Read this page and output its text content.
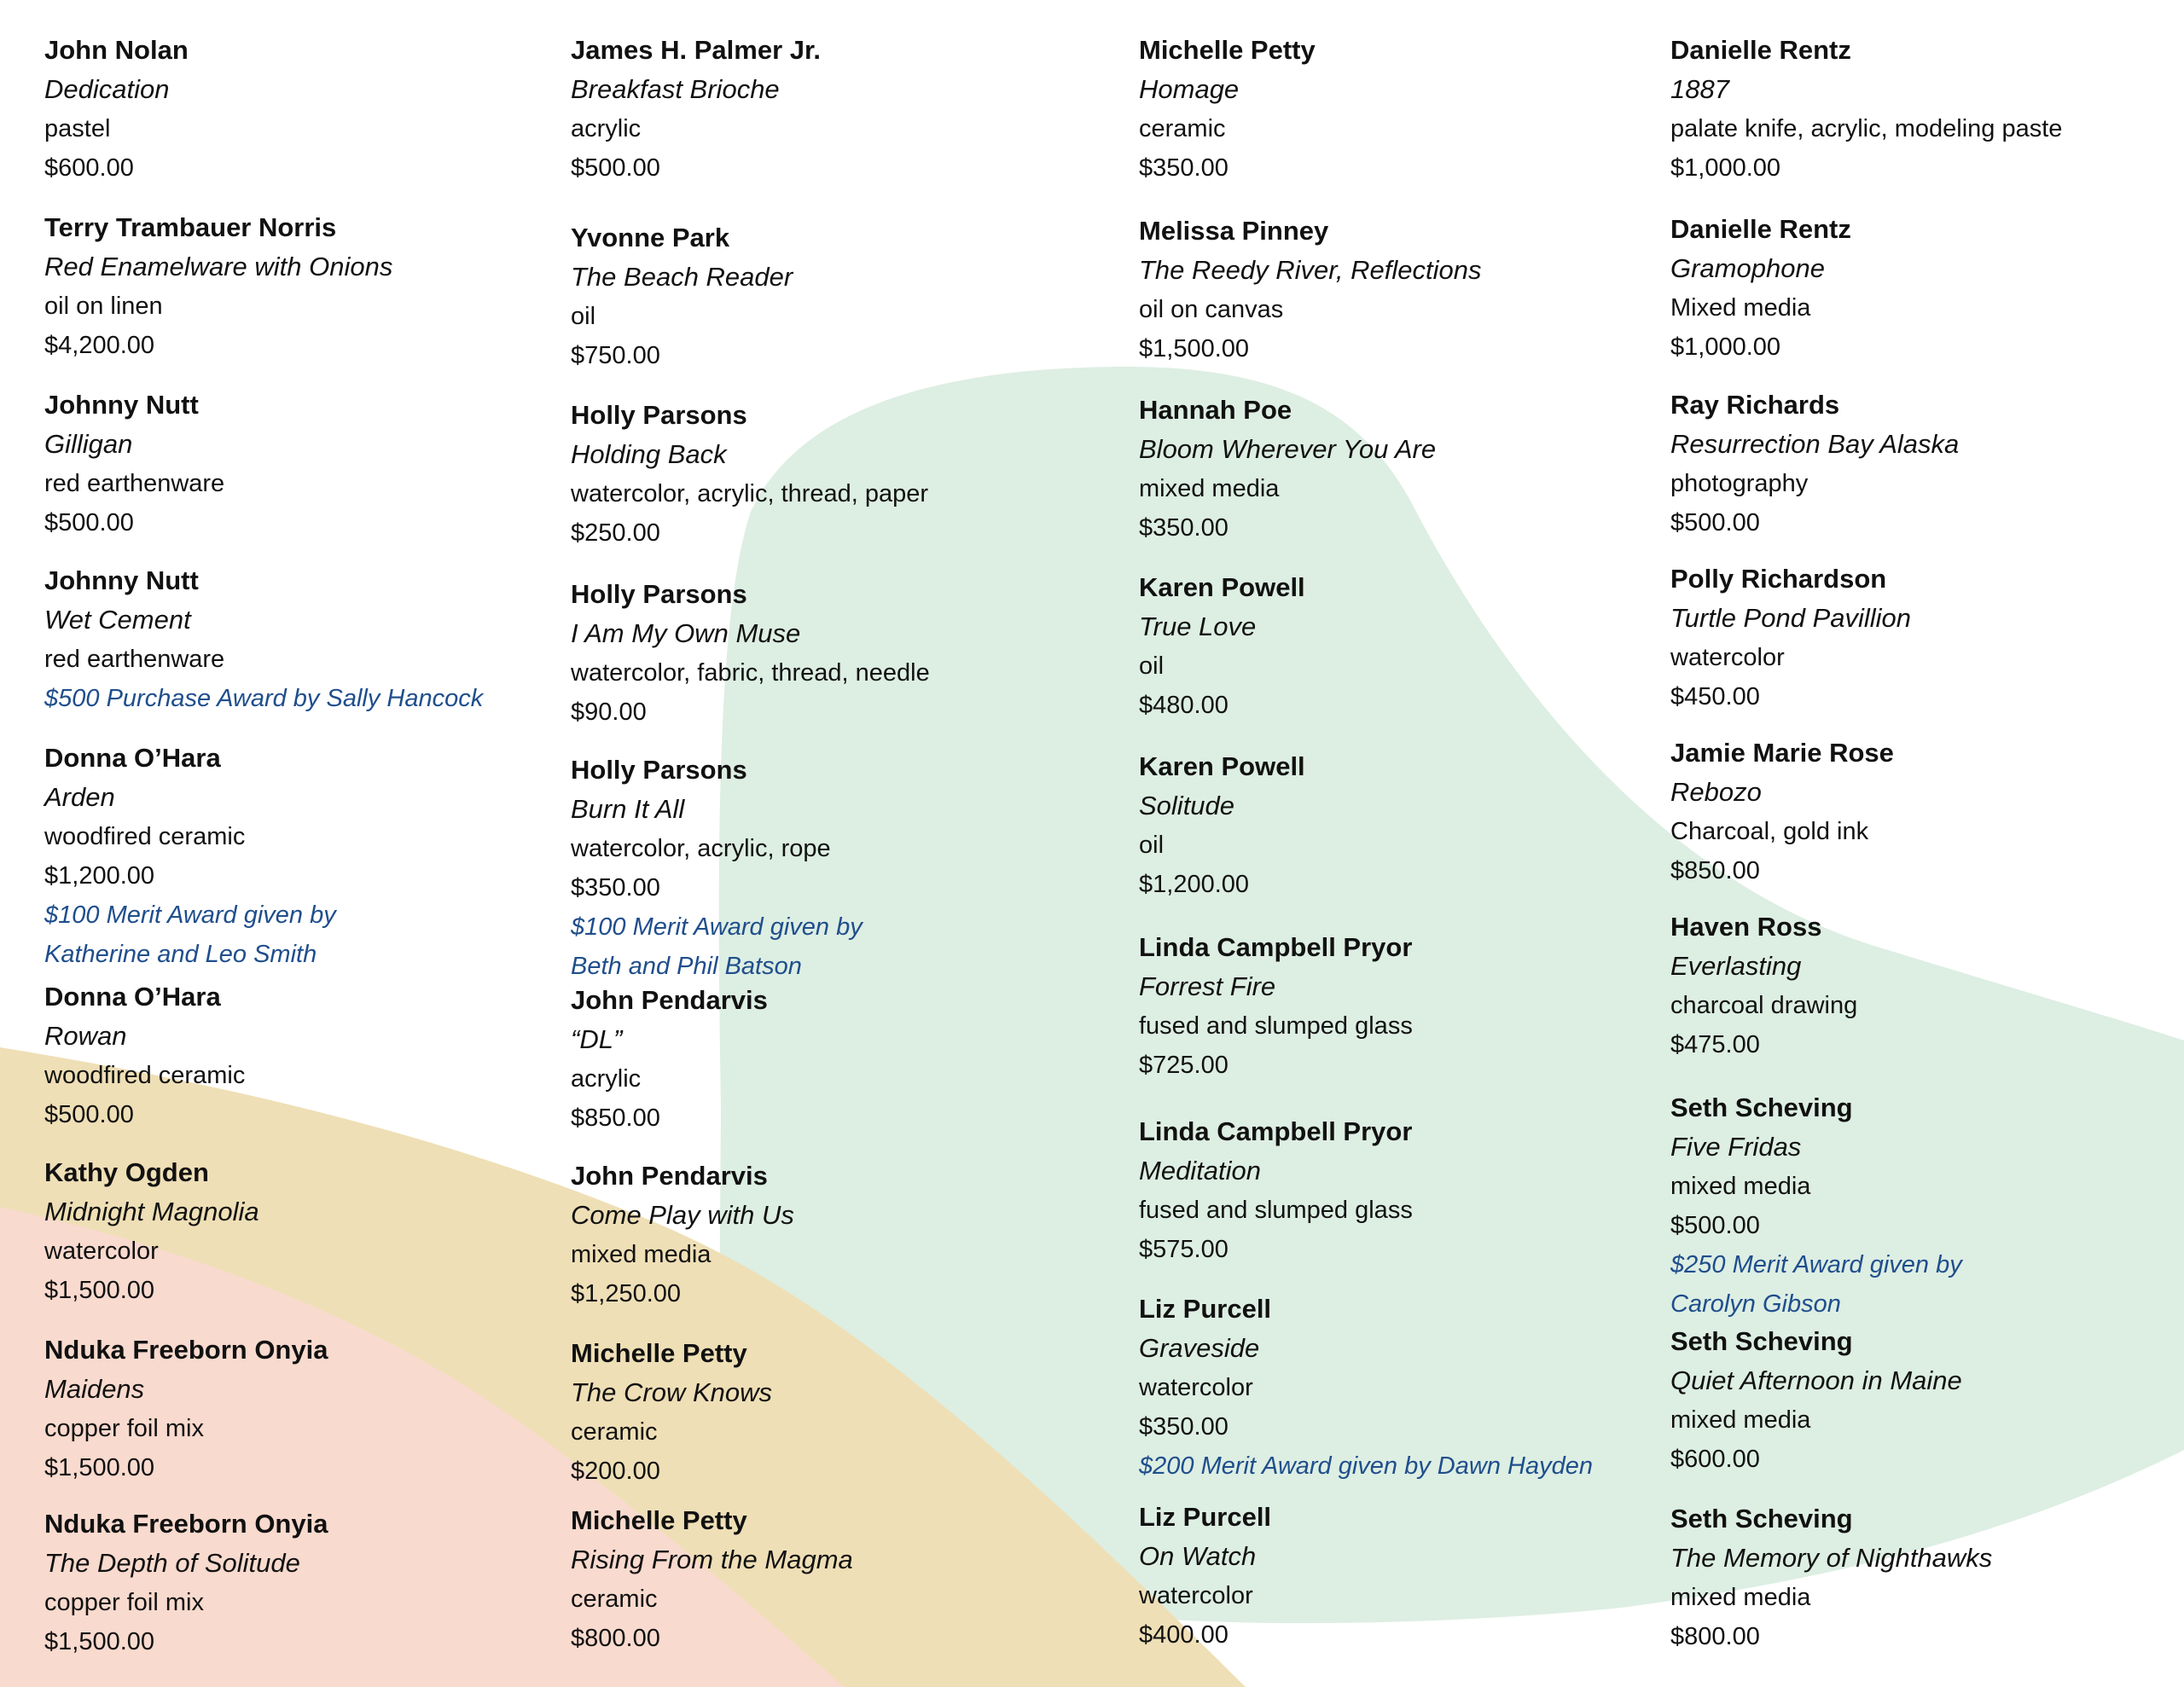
John Nolan
Dedication
pastel
$600.00
Terry Trambauer Norris
Red Enamelware with Onions
oil on linen
$4,200.00
Johnny Nutt
Gilligan
red earthenware
$500.00
Johnny Nutt
Wet Cement
red earthenware
$500 Purchase Award by Sally Hancock
Donna O’Hara
Arden
woodfired ceramic
$1,200.00
$100 Merit Award given by
Katherine and Leo Smith
Donna O’Hara
Rowan
woodfired ceramic
$500.00
Kathy Ogden
Midnight Magnolia
watercolor
$1,500.00
Nduka Freeborn Onyia
Maidens
copper foil mix
$1,500.00
Nduka Freeborn Onyia
The Depth of Solitude
copper foil mix
$1,500.00
James H. Palmer Jr.
Breakfast Brioche
acrylic
$500.00
Yvonne Park
The Beach Reader
oil
$750.00
Holly Parsons
Holding Back
watercolor, acrylic, thread, paper
$250.00
Holly Parsons
I Am My Own Muse
watercolor, fabric, thread, needle
$90.00
Holly Parsons
Burn It All
watercolor, acrylic, rope
$350.00
$100 Merit Award given by
Beth and Phil Batson
John Pendarvis
“DL”
acrylic
$850.00
John Pendarvis
Come Play with Us
mixed media
$1,250.00
Michelle Petty
The Crow Knows
ceramic
$200.00
Michelle Petty
Rising From the Magma
ceramic
$800.00
Michelle Petty
Homage
ceramic
$350.00
Melissa Pinney
The Reedy River, Reflections
oil on canvas
$1,500.00
Hannah Poe
Bloom Wherever You Are
mixed media
$350.00
Karen Powell
True Love
oil
$480.00
Karen Powell
Solitude
oil
$1,200.00
Linda Campbell Pryor
Forrest Fire
fused and slumped glass
$725.00
Linda Campbell Pryor
Meditation
fused and slumped glass
$575.00
Liz Purcell
Graveside
watercolor
$350.00
$200 Merit Award given by Dawn Hayden
Liz Purcell
On Watch
watercolor
$400.00
Danielle Rentz
1887
palate knife, acrylic, modeling paste
$1,000.00
Danielle Rentz
Gramophone
Mixed media
$1,000.00
Ray Richards
Resurrection Bay Alaska
photography
$500.00
Polly Richardson
Turtle Pond Pavillion
watercolor
$450.00
Jamie Marie Rose
Rebozo
Charcoal, gold ink
$850.00
Haven Ross
Everlasting
charcoal drawing
$475.00
Seth Scheving
Five Fridas
mixed media
$500.00
$250 Merit Award given by
Carolyn Gibson
Seth Scheving
Quiet Afternoon in Maine
mixed media
$600.00
Seth Scheving
The Memory of Nighthawks
mixed media
$800.00
